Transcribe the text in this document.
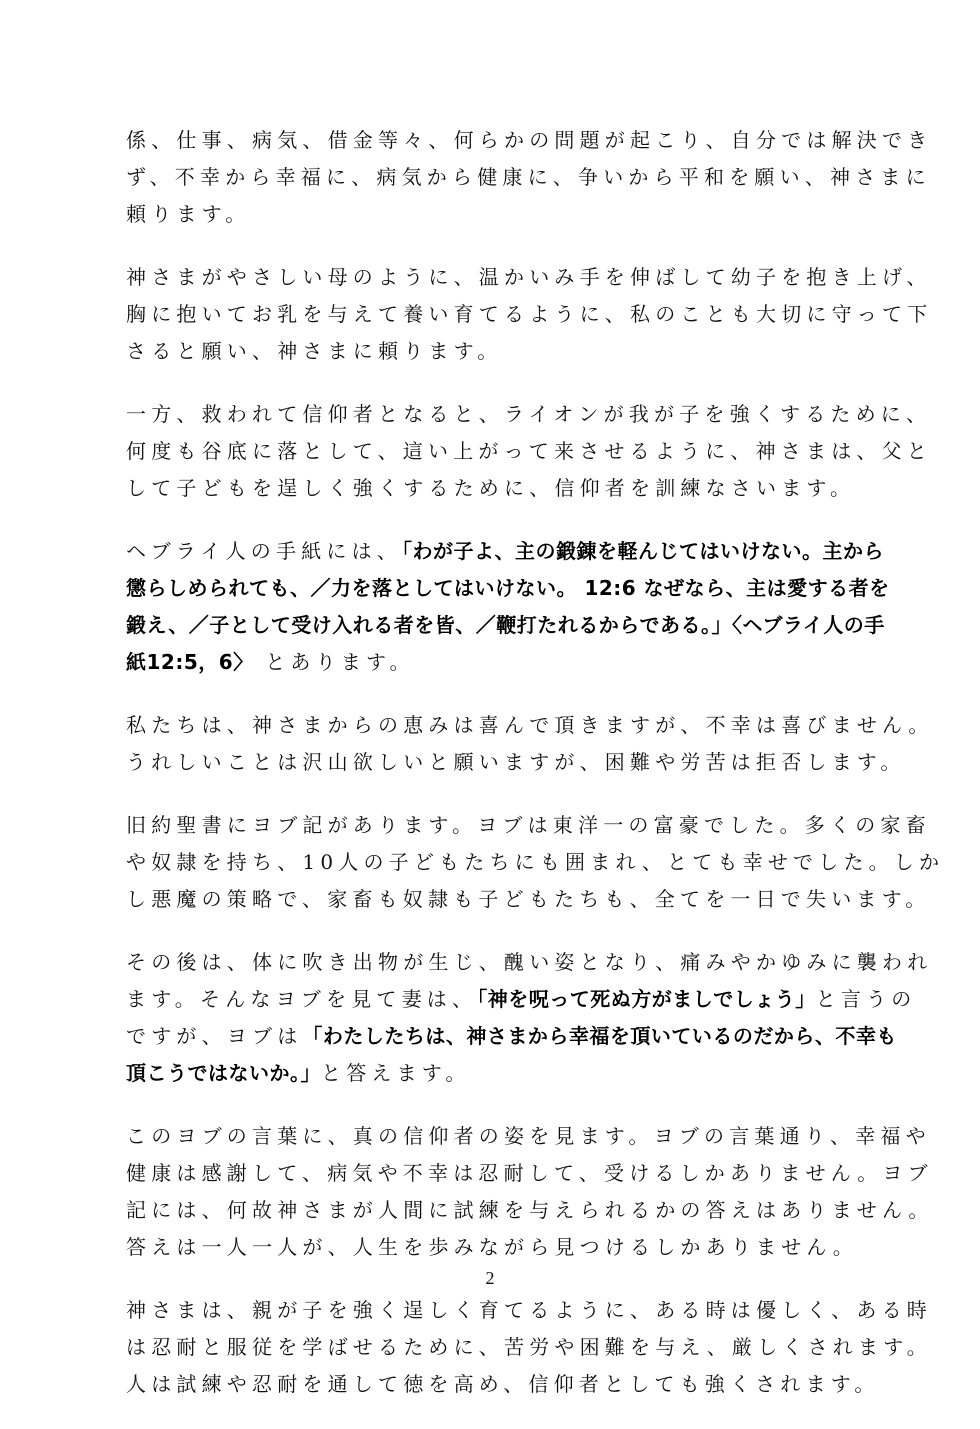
係、仕事、病気、借金等々、何らかの問題が起こり、自分では解決でき
ず、不幸から幸福に、病気から健康に、争いから平和を願い、神さまに
頼ります。
神さまがやさしい母のように、温かいみ手を伸ばして幼子を抱き上げ、
胸に抱いてお乳を与えて養い育てるように、私のことも大切に守って下
さると願い、神さまに頼ります。
一方、救われて信仰者となると、ライオンが我が子を強くするために、
何度も谷底に落として、這い上がって来させるように、神さまは、父と
して子どもを逞しく強くするために、信仰者を訓練なさいます。
ヘブライ人の手紙には、「わが子よ、主の鍛錬を軽んじてはいけない。主から
懲らしめられても、／力を落としてはいけない。 12:6 なぜなら、主は愛する者を
鍛え、／子として受け入れる者を皆、／鞭打たれるからである。」〈ヘブライ人の手
紙12:5，6〉 とあります。
私たちは、神さまからの恵みは喜んで頂きますが、不幸は喜びません。
うれしいことは沢山欲しいと願いますが、困難や労苦は拒否します。
旧約聖書にヨブ記があります。ヨブは東洋一の富豪でした。多くの家畜
や奴隷を持ち、10人の子どもたちにも囲まれ、とても幸せでした。しか
し悪魔の策略で、家畜も奴隷も子どもたちも、全てを一日で失います。
その後は、体に吹き出物が生じ、醜い姿となり、痛みやかゆみに襲われ
ます。そんなヨブを見て妻は、「神を呪って死ぬ方がましでしょう」と言うの
ですが、ヨブは「わたしたちは、神さまから幸福を頂いているのだから、不幸も
頂こうではないか。」と答えます。
このヨブの言葉に、真の信仰者の姿を見ます。ヨブの言葉通り、幸福や
健康は感謝して、病気や不幸は忍耐して、受けるしかありません。ヨブ
記には、何故神さまが人間に試練を与えられるかの答えはありません。
答えは一人一人が、人生を歩みながら見つけるしかありません。
神さまは、親が子を強く逞しく育てるように、ある時は優しく、ある時
は忍耐と服従を学ばせるために、苦労や困難を与え、厳しくされます。
人は試練や忍耐を通して徳を高め、信仰者としても強くされます。
2
